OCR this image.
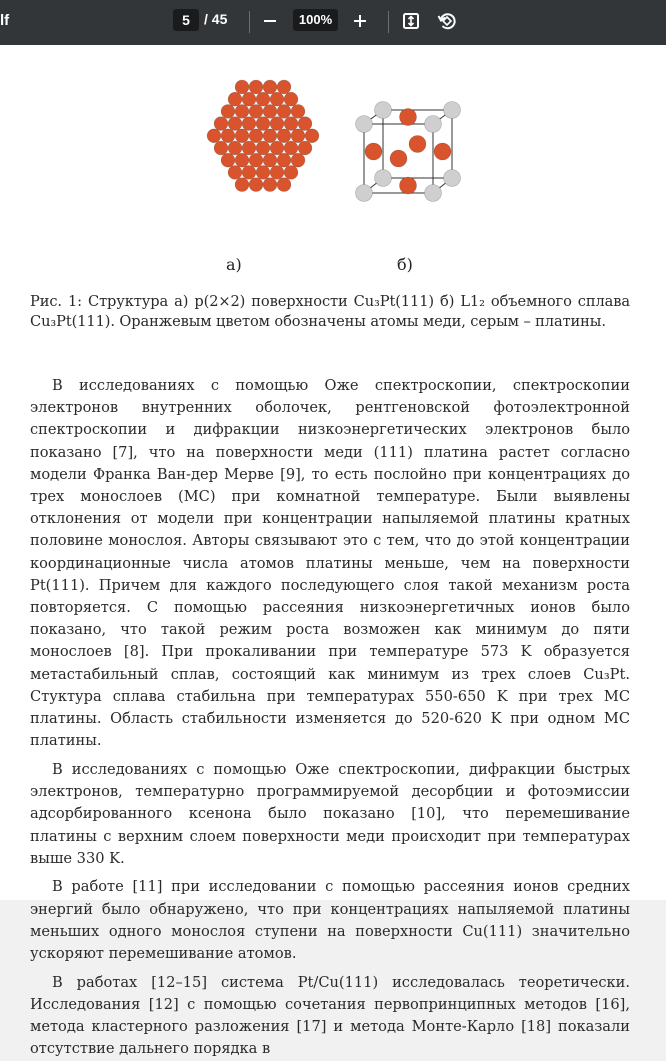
lf	5	/ 45	100%
а)	б)
Рис. 1: Структура а) p(2×2) поверхности Cu₃Pt(111) б) L1₂ объемного сплава Cu₃Pt(111). Оранжевым цветом обозначены атомы меди, серым – платины.

В исследованиях с помощью Оже спектроскопии, спектроскопии электронов внутренних оболочек, рентгеновской фотоэлектронной спектроскопии и дифракции низкоэнергетических электронов было показано [7], что на поверхности меди (111) платина растет согласно модели Франка Ван-дер Мерве [9], то есть послойно при концентрациях до трех монослоев (МС) при комнатной температуре. Были выявлены отклонения от модели при концентрации напыляемой платины кратных половине монослоя. Авторы связывают это с тем, что до этой концентрации координационные числа атомов платины меньше, чем на поверхности Pt(111). Причем для каждого последующего слоя такой механизм роста повторяется. С помощью рассеяния низкоэнергетичных ионов было показано, что такой режим роста возможен как минимум до пяти монослоев [8]. При прокаливании при температуре 573 K образуется метастабильный сплав, состоящий как минимум из трех слоев Cu₃Pt. Стуктура сплава стабильна при температурах 550-650 K при трех МС платины. Область стабильности изменяется до 520-620 K при одном МС платины.

В исследованиях с помощью Оже спектроскопии, дифракции быстрых электронов, температурно программируемой десорбции и фотоэмиссии адсорбированного ксенона было показано [10], что перемешивание платины с верхним слоем поверхности меди происходит при температурах выше 330 K.

В работе [11] при исследовании с помощью рассеяния ионов средних энергий было обнаружено, что при концентрациях напыляемой платины меньших одного монослоя ступени на поверхности Cu(111) значительно ускоряют перемешивание атомов.

В работах [12–15] система Pt/Cu(111) исследовалась теоретически. Исследования [12] с помощью сочетания первопринципных методов [16], метода кластерного разложения [17] и метода Монте-Карло [18] показали отсутствие дальнего порядка в
